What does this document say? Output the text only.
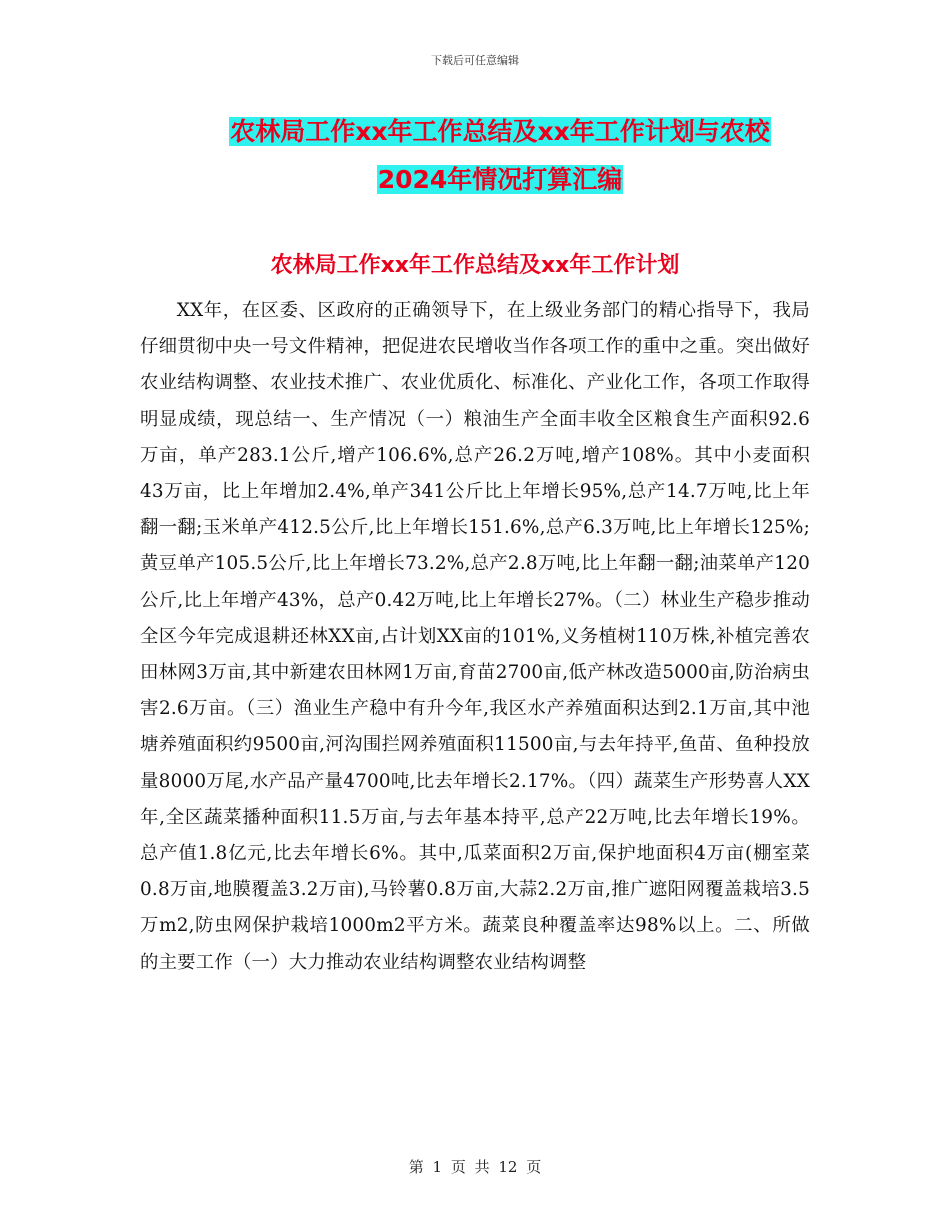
下载后可任意编辑
农林局工作xx年工作总结及xx年工作计划与农校
2024年情况打算汇编
农林局工作xx年工作总结及xx年工作计划

XX年，在区委、区政府的正确领导下，在上级业务部门的精心指导下，我局仔细贯彻中央一号文件精神，把促进农民增收当作各项工作的重中之重。突出做好农业结构调整、农业技术推广、农业优质化、标准化、产业化工作，各项工作取得明显成绩，现总结一、生产情况（一）粮油生产全面丰收全区粮食生产面积92.6万亩，单产283.1公斤,增产106.6%,总产26.2万吨,增产108%。其中小麦面积43万亩，比上年增加2.4%,单产341公斤比上年增长95%,总产14.7万吨,比上年翻一翻;玉米单产412.5公斤,比上年增长151.6%,总产6.3万吨,比上年增长125%;黄豆单产105.5公斤,比上年增长73.2%,总产2.8万吨,比上年翻一翻;油菜单产120公斤,比上年增产43%，总产0.42万吨,比上年增长27%。（二）林业生产稳步推动全区今年完成退耕还林XX亩,占计划XX亩的101%,义务植树110万株,补植完善农田林网3万亩,其中新建农田林网1万亩,育苗2700亩,低产林改造5000亩,防治病虫害2.6万亩。（三）渔业生产稳中有升今年,我区水产养殖面积达到2.1万亩,其中池塘养殖面积约9500亩,河沟围拦网养殖面积11500亩,与去年持平,鱼苗、鱼种投放量8000万尾,水产品产量4700吨,比去年增长2.17%。（四）蔬菜生产形势喜人XX年,全区蔬菜播种面积11.5万亩,与去年基本持平,总产22万吨,比去年增长19%。总产值1.8亿元,比去年增长6%。其中,瓜菜面积2万亩,保护地面积4万亩(棚室菜0.8万亩,地膜覆盖3.2万亩),马铃薯0.8万亩,大蒜2.2万亩,推广遮阳网覆盖栽培3.5万m2,防虫网保护栽培1000m2平方米。蔬菜良种覆盖率达98%以上。二、所做的主要工作（一）大力推动农业结构调整农业结构调整

第 1 页 共 12 页
